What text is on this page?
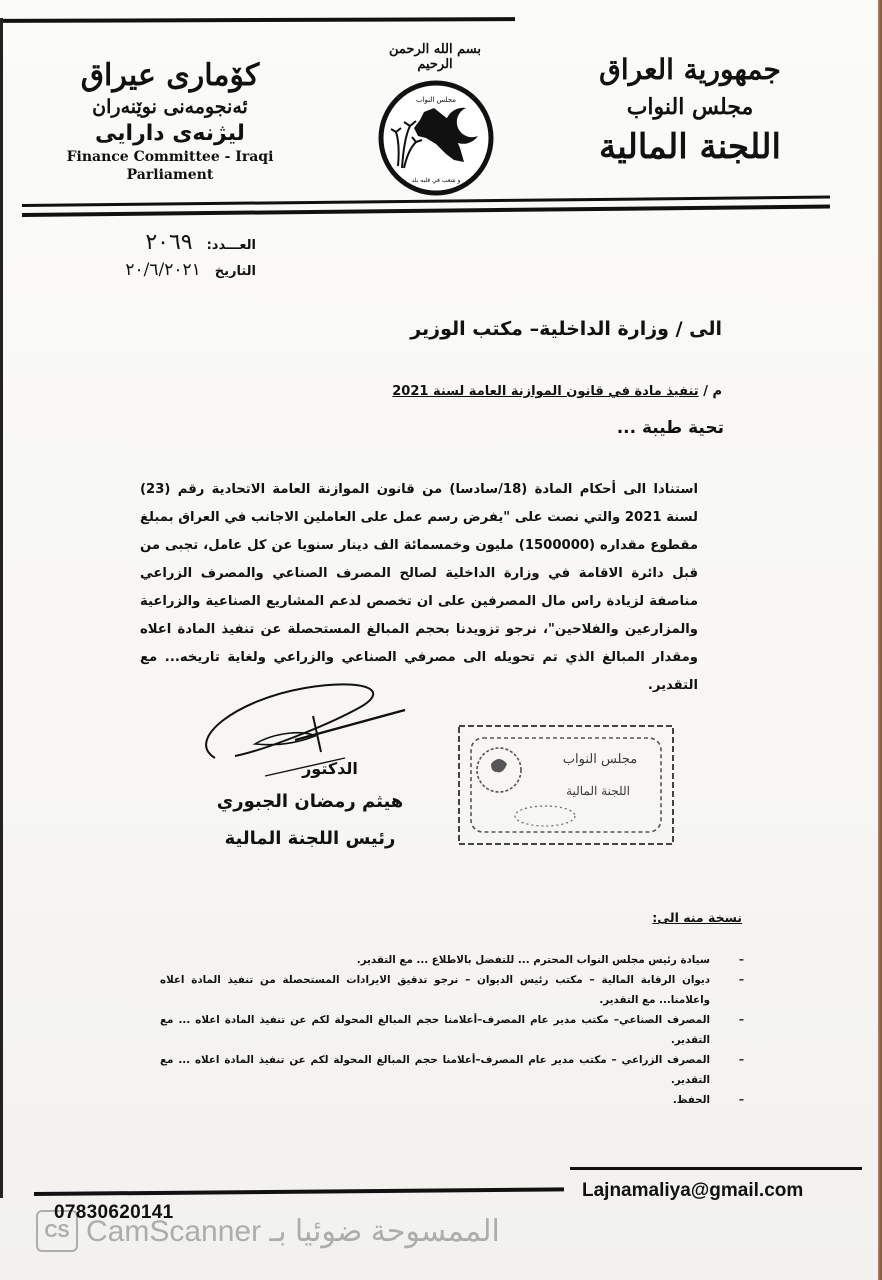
كۆماری عیراق
ئه‌نجومه‌نی نوێنه‌ران
لیژنه‌ی دارایی
Finance Committee - Iraqi
Parliament
بسم الله الرحمن الرحيم
مجلس النواب
و شعب في قلبه بلد
جمهورية العراق
مجلس النواب
اللجنة المالية
العـــدد:
٢٠٦٩
التاريخ
٢٠/٦/٢٠٢١
الى / وزارة الداخلية– مكتب الوزير
م / تنفيذ مادة في قانون الموازنة العامة لسنة 2021
تحية طيبة ...

استنادا الى أحكام المادة (18/سادسا) من قانون الموازنة العامة الاتحادية رقم (23) لسنة 2021 والتي نصت على "يفرض رسم عمل على العاملين الاجانب في العراق بمبلغ مقطوع مقداره (1500000) مليون وخمسمائة الف دينار سنويا عن كل عامل، تجبى من قبل دائرة الاقامة في وزارة الداخلية لصالح المصرف الصناعي والمصرف الزراعي مناصفة لزيادة راس مال المصرفين على ان تخصص لدعم المشاريع الصناعية والزراعية والمزارعين والفلاحين"، نرجو تزويدنا بحجم المبالغ المستحصلة عن تنفيذ المادة اعلاه ومقدار المبالغ الذي تم تحويله الى مصرفي الصناعي والزراعي ولغاية تاريخه... مع التقدير.

الدكتور
هيثم رمضان الجبوري
رئيس اللجنة المالية
مجلس النواب
اللجنة المالية
نسخة منه الى:
–
سيادة رئيس مجلس النواب المحترم ... للتفضل بالاطلاع ... مع التقدير.
–
ديوان الرقابة المالية – مكتب رئيس الديوان – نرجو تدقيق الايرادات المستحصلة من تنفيذ المادة اعلاه واعلامنا... مع التقدير.
–
المصرف الصناعي– مكتب مدير عام المصرف–أعلامنا حجم المبالغ المحولة لكم عن تنفيذ المادة اعلاه ... مع التقدير.
–
المصرف الزراعي – مكتب مدير عام المصرف–أعلامنا حجم المبالغ المحولة لكم عن تنفيذ المادة اعلاه ... مع التقدير.
–
الحفظ.
Lajnamaliya@gmail.com
CS الممسوحة ضوئيا بـ CamScanner
07830620141
